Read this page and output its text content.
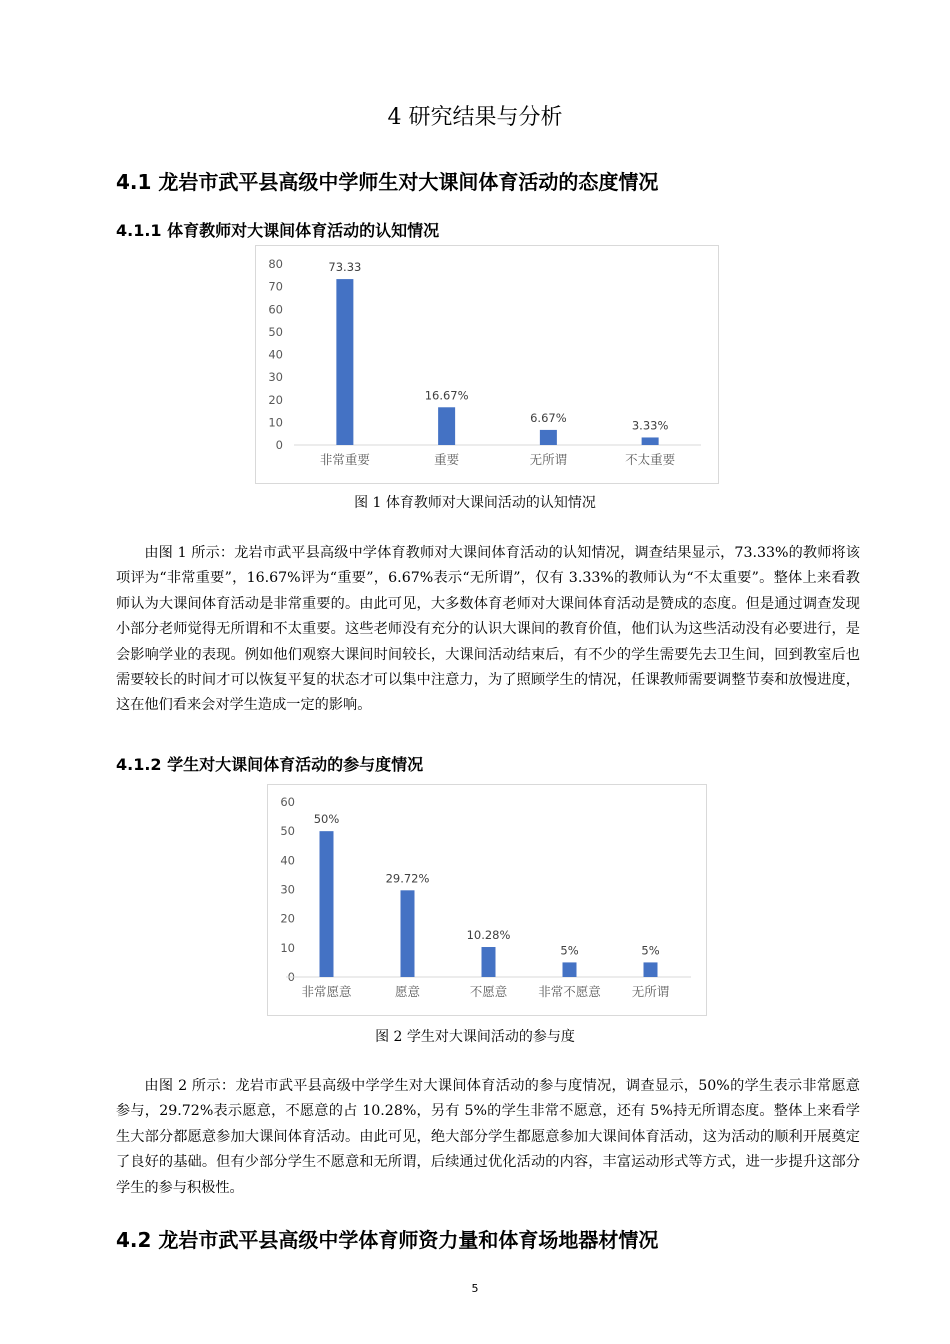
4 研究结果与分析
4.1 龙岩市武平县高级中学师生对大课间体育活动的态度情况
4.1.1 体育教师对大课间体育活动的认知情况
0
10
20
30
40
50
60
70
80	73.33
非常重要
16.67%
重要
6.67%
无所谓
3.33%
不太重要
图 1 体育教师对大课间活动的认知情况
由图 1 所示：龙岩市武平县高级中学体育教师对大课间体育活动的认知情况，调查结果显示，73.33%的教师将该项评为“非常重要”，16.67%评为“重要”，6.67%表示“无所谓”，仅有 3.33%的教师认为“不太重要”。整体上来看教师认为大课间体育活动是非常重要的。由此可见，大多数体育老师对大课间体育活动是赞成的态度。但是通过调查发现小部分老师觉得无所谓和不太重要。这些老师没有充分的认识大课间的教育价值，他们认为这些活动没有必要进行，是会影响学业的表现。例如他们观察大课间时间较长，大课间活动结束后，有不少的学生需要先去卫生间，回到教室后也需要较长的时间才可以恢复平复的状态才可以集中注意力，为了照顾学生的情况，任课教师需要调整节奏和放慢进度，这在他们看来会对学生造成一定的影响。
4.1.2 学生对大课间体育活动的参与度情况
0
10
20
30
40
50
60
50%
非常愿意
29.72%
愿意
10.28%
不愿意
5%
非常不愿意
5%
无所谓
图 2 学生对大课间活动的参与度
由图 2 所示：龙岩市武平县高级中学学生对大课间体育活动的参与度情况，调查显示，50%的学生表示非常愿意参与，29.72%表示愿意，不愿意的占 10.28%，另有 5%的学生非常不愿意，还有 5%持无所谓态度。整体上来看学生大部分都愿意参加大课间体育活动。由此可见，绝大部分学生都愿意参加大课间体育活动，这为活动的顺利开展奠定了良好的基础。但有少部分学生不愿意和无所谓，后续通过优化活动的内容，丰富运动形式等方式，进一步提升这部分学生的参与积极性。
4.2 龙岩市武平县高级中学体育师资力量和体育场地器材情况
5
